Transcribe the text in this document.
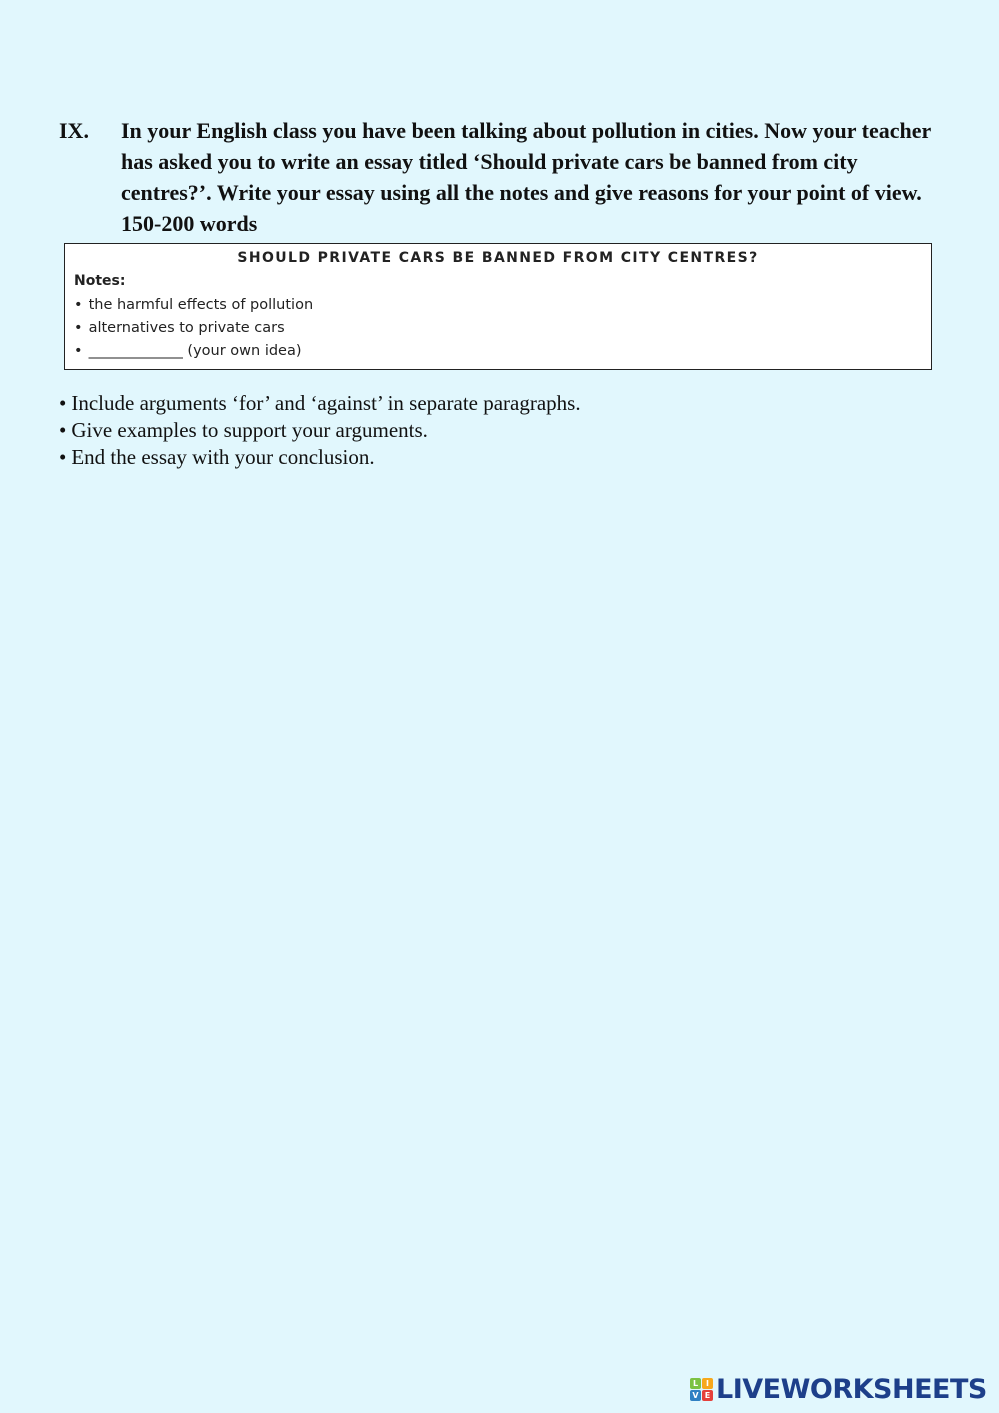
IX. In your English class you have been talking about pollution in cities. Now your teacher has asked you to write an essay titled ‘Should private cars be banned from city centres?’. Write your essay using all the notes and give reasons for your point of view. 150-200 words
SHOULD PRIVATE CARS BE BANNED FROM CITY CENTRES?
Notes:
• the harmful effects of pollution
• alternatives to private cars
• _____________ (your own idea)
• Include arguments ‘for’ and ‘against’ in separate paragraphs.
• Give examples to support your arguments.
• End the essay with your conclusion.
L I
V E LIVEWORKSHEETS
